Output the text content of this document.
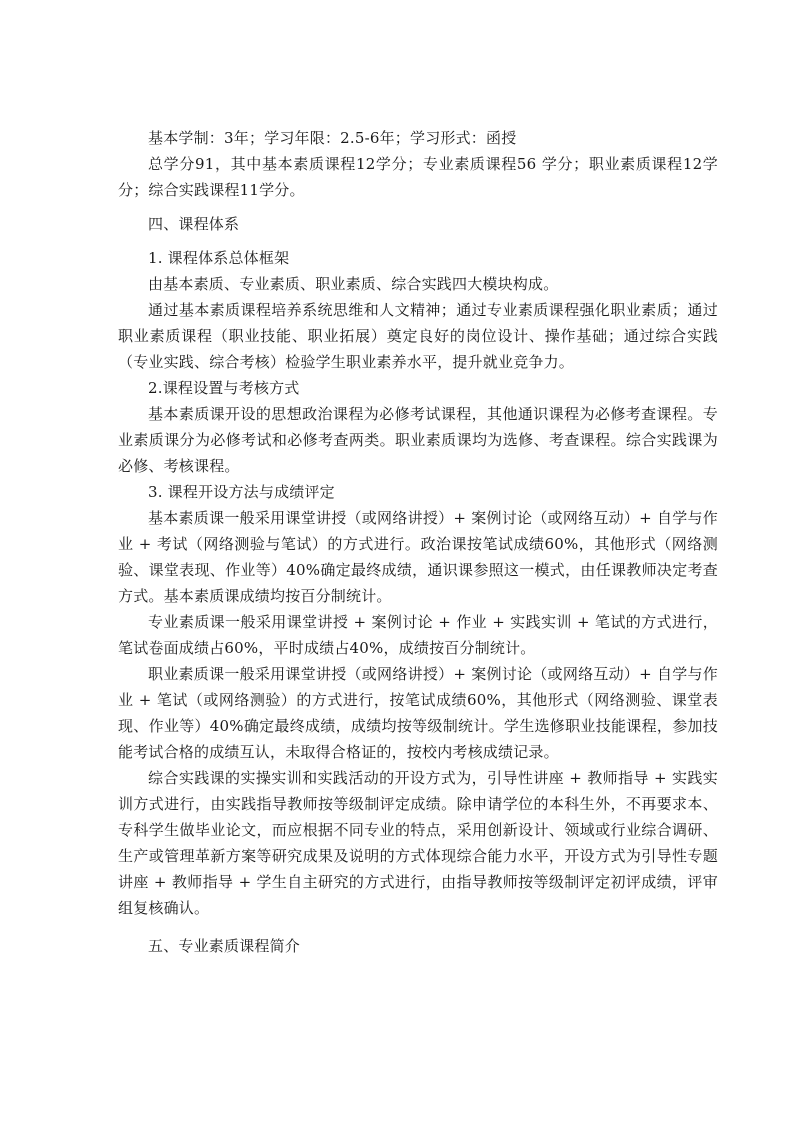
基本学制：3年；学习年限：2.5-6年；学习形式：函授

总学分91，其中基本素质课程12学分；专业素质课程56 学分；职业素质课程12学分；综合实践课程11学分。

四、课程体系

1. 课程体系总体框架

由基本素质、专业素质、职业素质、综合实践四大模块构成。

通过基本素质课程培养系统思维和人文精神；通过专业素质课程强化职业素质；通过职业素质课程（职业技能、职业拓展）奠定良好的岗位设计、操作基础；通过综合实践（专业实践、综合考核）检验学生职业素养水平，提升就业竞争力。

2.课程设置与考核方式

基本素质课开设的思想政治课程为必修考试课程，其他通识课程为必修考查课程。专业素质课分为必修考试和必修考查两类。职业素质课均为选修、考查课程。综合实践课为必修、考核课程。

3. 课程开设方法与成绩评定

基本素质课一般采用课堂讲授（或网络讲授）+ 案例讨论（或网络互动）+ 自学与作业 + 考试（网络测验与笔试）的方式进行。政治课按笔试成绩60%，其他形式（网络测验、课堂表现、作业等）40%确定最终成绩，通识课参照这一模式，由任课教师决定考查方式。基本素质课成绩均按百分制统计。

专业素质课一般采用课堂讲授 + 案例讨论 + 作业 + 实践实训 + 笔试的方式进行，笔试卷面成绩占60%，平时成绩占40%，成绩按百分制统计。

职业素质课一般采用课堂讲授（或网络讲授）+ 案例讨论（或网络互动）+ 自学与作业 + 笔试（或网络测验）的方式进行，按笔试成绩60%，其他形式（网络测验、课堂表现、作业等）40%确定最终成绩，成绩均按等级制统计。学生选修职业技能课程，参加技能考试合格的成绩互认，未取得合格证的，按校内考核成绩记录。

综合实践课的实操实训和实践活动的开设方式为，引导性讲座 + 教师指导 + 实践实训方式进行，由实践指导教师按等级制评定成绩。除申请学位的本科生外，不再要求本、专科学生做毕业论文，而应根据不同专业的特点，采用创新设计、领域或行业综合调研、生产或管理革新方案等研究成果及说明的方式体现综合能力水平，开设方式为引导性专题讲座 + 教师指导 + 学生自主研究的方式进行，由指导教师按等级制评定初评成绩，评审组复核确认。

五、专业素质课程简介
